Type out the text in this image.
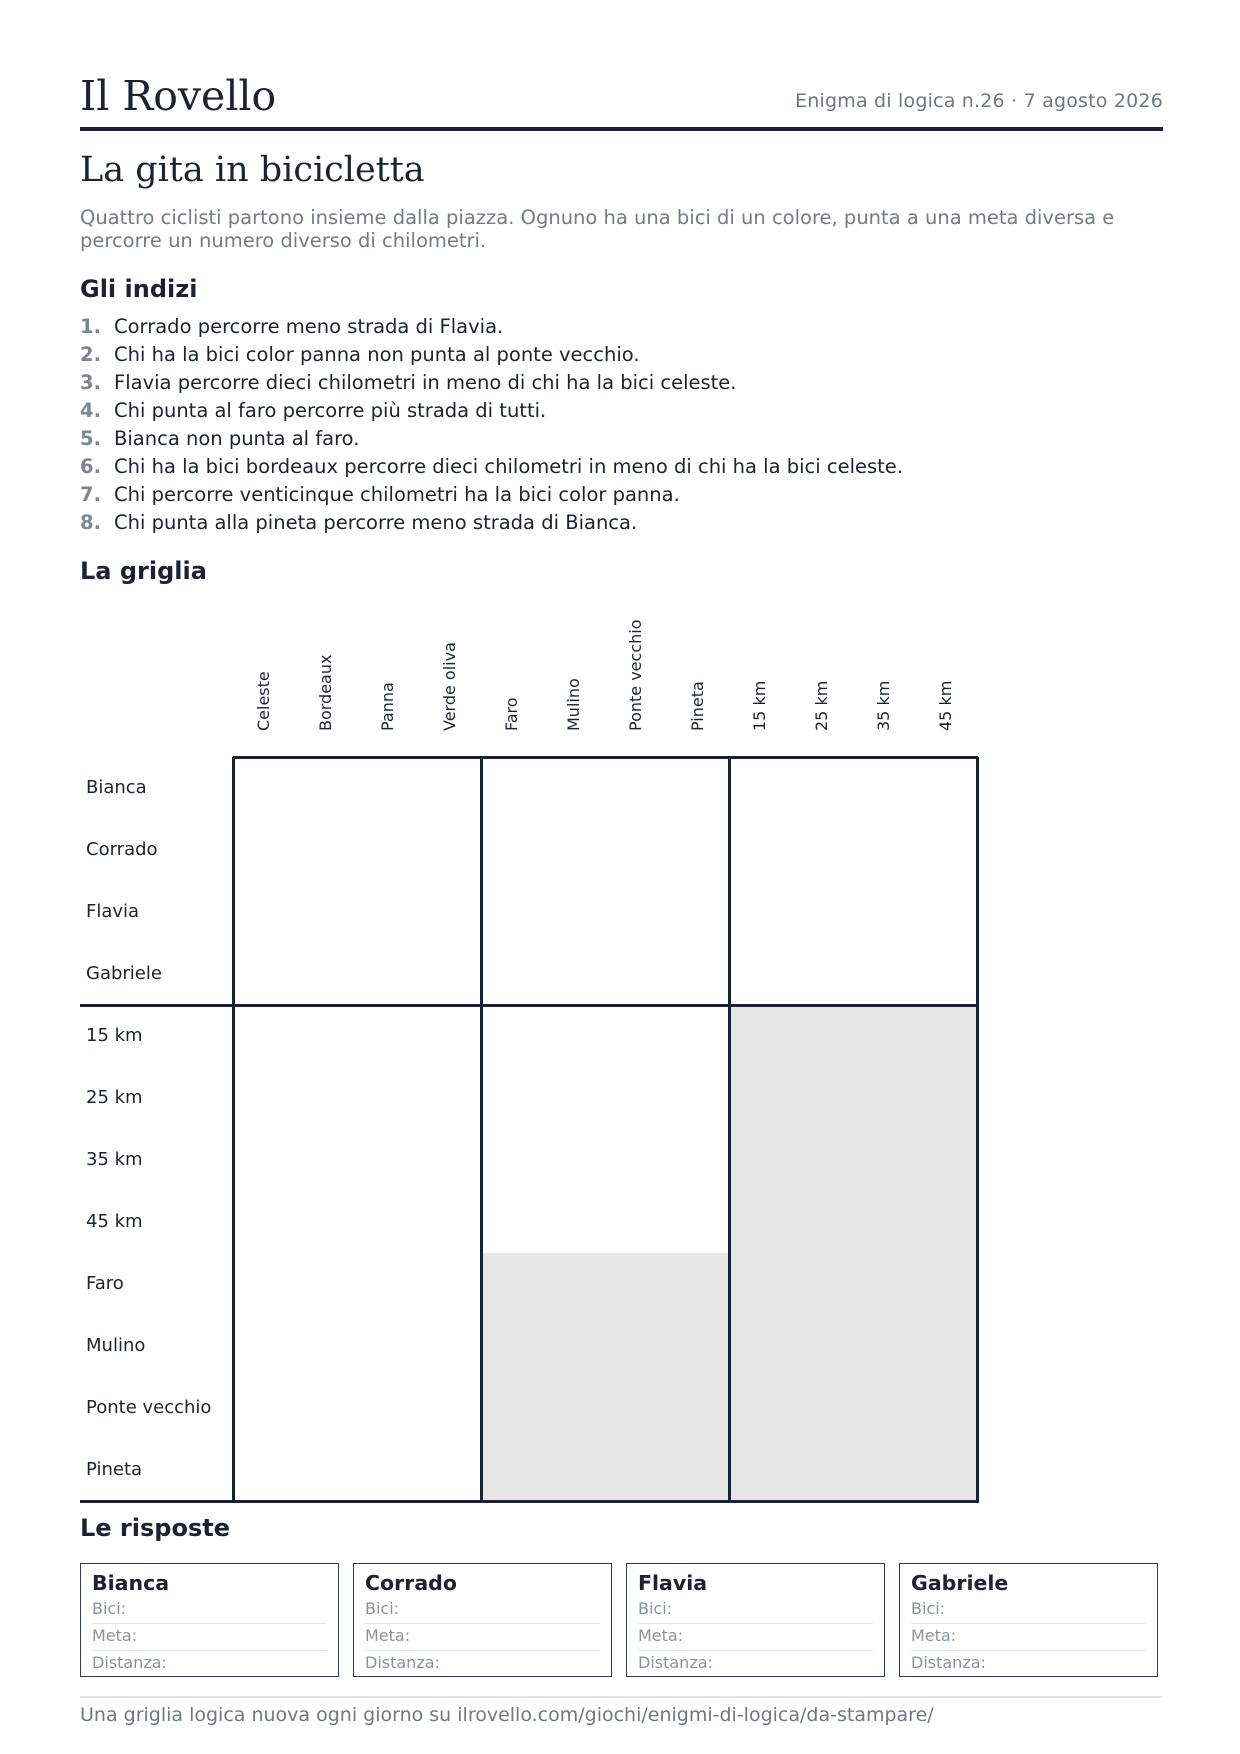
Il Rovello	Enigma di logica n.26 · 7 agosto 2026
La gita in bicicletta
Quattro ciclisti partono insieme dalla piazza. Ognuno ha una bici di un colore, punta a una meta diversa e percorre un numero diverso di chilometri.
Gli indizi
1. Corrado percorre meno strada di Flavia.
2. Chi ha la bici color panna non punta al ponte vecchio.
3. Flavia percorre dieci chilometri in meno di chi ha la bici celeste.
4. Chi punta al faro percorre più strada di tutti.
5. Bianca non punta al faro.
6. Chi ha la bici bordeaux percorre dieci chilometri in meno di chi ha la bici celeste.
7. Chi percorre venticinque chilometri ha la bici color panna.
8. Chi punta alla pineta percorre meno strada di Bianca.
La griglia
Celeste	Bordeaux	Panna	Verde oliva	Faro	Mulino	Ponte vecchio	Pineta	15 km	25 km	35 km	45 km
Bianca
Corrado
Flavia
Gabriele
15 km
25 km
35 km
45 km
Faro
Mulino
Ponte vecchio
Pineta
Le risposte
Bianca
Bici:
Meta:
Distanza:
Corrado
Bici:
Meta:
Distanza:
Flavia
Bici:
Meta:
Distanza:
Gabriele
Bici:
Meta:
Distanza:
Una griglia logica nuova ogni giorno su ilrovello.com/giochi/enigmi-di-logica/da-stampare/
